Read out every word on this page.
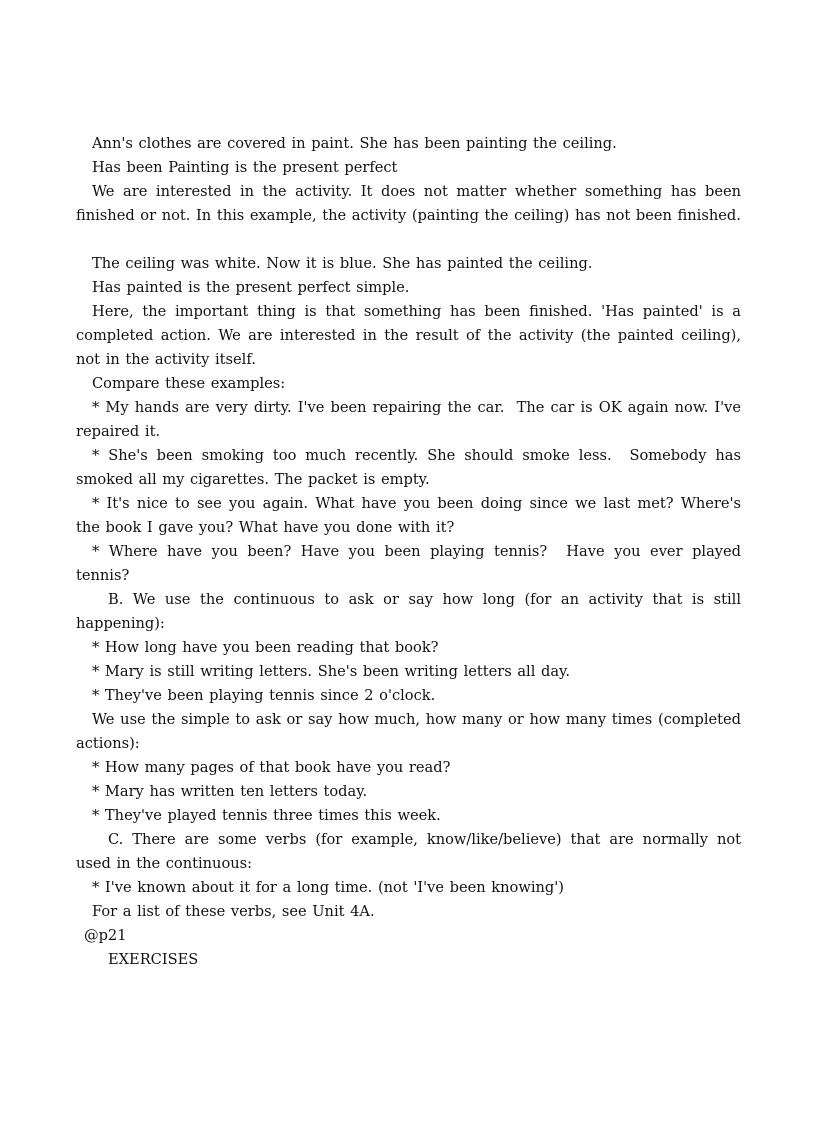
Ann's clothes are covered in paint. She has been painting the ceiling.

Has been Painting is the present perfect

We are interested in the activity. It does not matter whether something has been finished or not. In this example, the activity (painting the ceiling) has not been finished.

The ceiling was white. Now it is blue. She has painted the ceiling.

Has painted is the present perfect simple.

Here, the important thing is that something has been finished. 'Has painted' is a completed action. We are interested in the result of the activity (the painted ceiling), not in the activity itself.

Compare these examples:

* My hands are very dirty. I've been repairing the car.  The car is OK again now. I've repaired it.

* She's been smoking too much recently. She should smoke less.  Somebody has smoked all my cigarettes. The packet is empty.

* It's nice to see you again. What have you been doing since we last met? Where's the book I gave you? What have you done with it?

* Where have you been? Have you been playing tennis?  Have you ever played tennis?

B. We use the continuous to ask or say how long (for an activity that is still happening):

* How long have you been reading that book?

* Mary is still writing letters. She's been writing letters all day.

* They've been playing tennis since 2 o'clock.

We use the simple to ask or say how much, how many or how many times (completed actions):

* How many pages of that book have you read?

* Mary has written ten letters today.

* They've played tennis three times this week.

C. There are some verbs (for example, know/like/believe) that are normally not used in the continuous:

* I've known about it for a long time. (not 'I've been knowing')

For a list of these verbs, see Unit 4A.

@p21

EXERCISES
